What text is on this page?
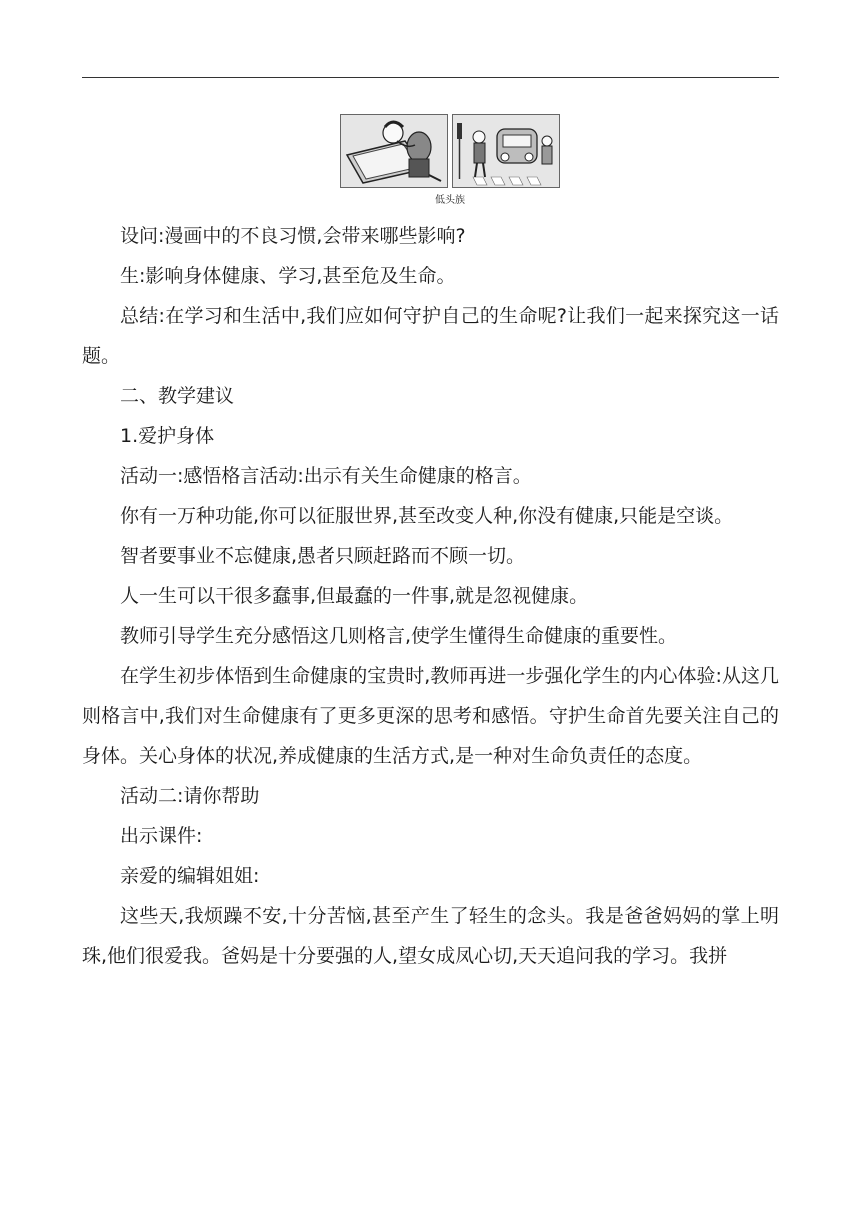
低头族

设问:漫画中的不良习惯,会带来哪些影响?

生:影响身体健康、学习,甚至危及生命。

总结:在学习和生活中,我们应如何守护自己的生命呢?让我们一起来探究这一话题。

二、教学建议

1.爱护身体

活动一:感悟格言活动:出示有关生命健康的格言。

你有一万种功能,你可以征服世界,甚至改变人种,你没有健康,只能是空谈。

智者要事业不忘健康,愚者只顾赶路而不顾一切。

人一生可以干很多蠢事,但最蠢的一件事,就是忽视健康。

教师引导学生充分感悟这几则格言,使学生懂得生命健康的重要性。

在学生初步体悟到生命健康的宝贵时,教师再进一步强化学生的内心体验:从这几则格言中,我们对生命健康有了更多更深的思考和感悟。守护生命首先要关注自己的身体。关心身体的状况,养成健康的生活方式,是一种对生命负责任的态度。

活动二:请你帮助

出示课件:

亲爱的编辑姐姐:

这些天,我烦躁不安,十分苦恼,甚至产生了轻生的念头。我是爸爸妈妈的掌上明珠,他们很爱我。爸妈是十分要强的人,望女成凤心切,天天追问我的学习。我拼
